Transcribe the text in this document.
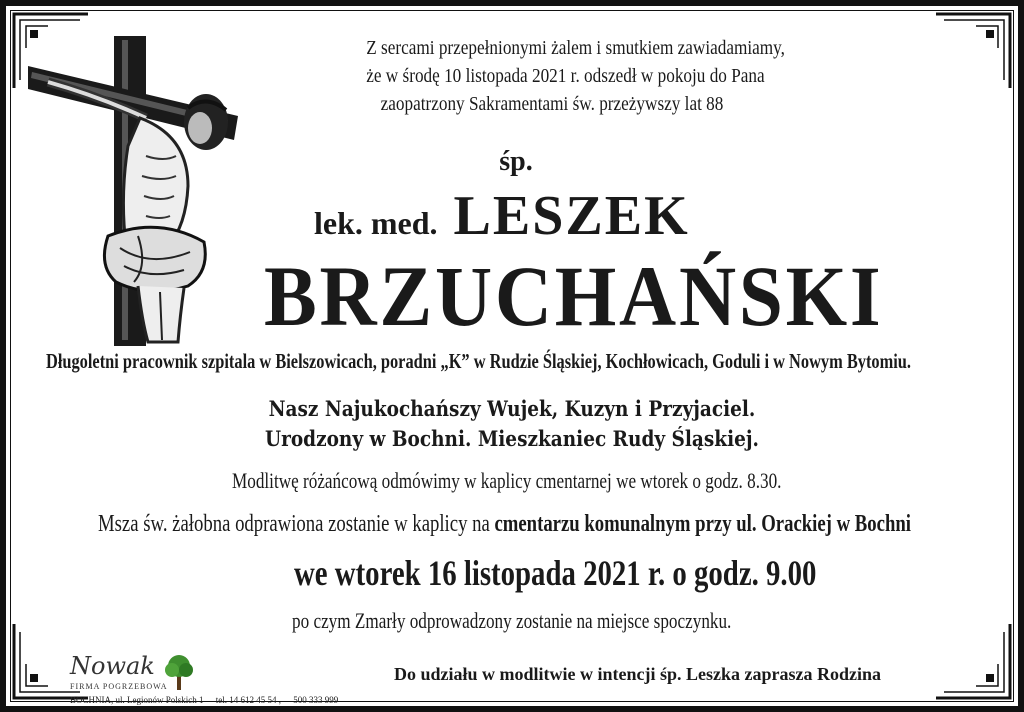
Z sercami przepełnionymi żalem i smutkiem zawiadamiamy,
że w środę 10 listopada 2021 r. odszedł w pokoju do Pana
zaopatrzony Sakramentami św. przeżywszy lat 88
śp.
lek. med. LESZEK
BRZUCHAŃSKI
Długoletni pracownik szpitala w Bielszowicach, poradni „K” w Rudzie Śląskiej, Kochłowicach, Goduli i w Nowym Bytomiu.
Nasz Najukochańszy Wujek, Kuzyn i Przyjaciel.
Urodzony w Bochni. Mieszkaniec Rudy Śląskiej.
Modlitwę różańcową odmówimy w kaplicy cmentarnej we wtorek o godz. 8.30.
Msza św. żałobna odprawiona zostanie w kaplicy na cmentarzu komunalnym przy ul. Orackiej w Bochni
we wtorek 16 listopada 2021 r. o godz. 9.00
po czym Zmarły odprowadzony zostanie na miejsce spoczynku.
Do udziału w modlitwie w intencji śp. Leszka zaprasza Rodzina
Nowak
FIRMA POGRZEBOWA
BOCHNIA, ul. Legionów Polskich 1 tel. 14 612 45 54 , 500 333 999
